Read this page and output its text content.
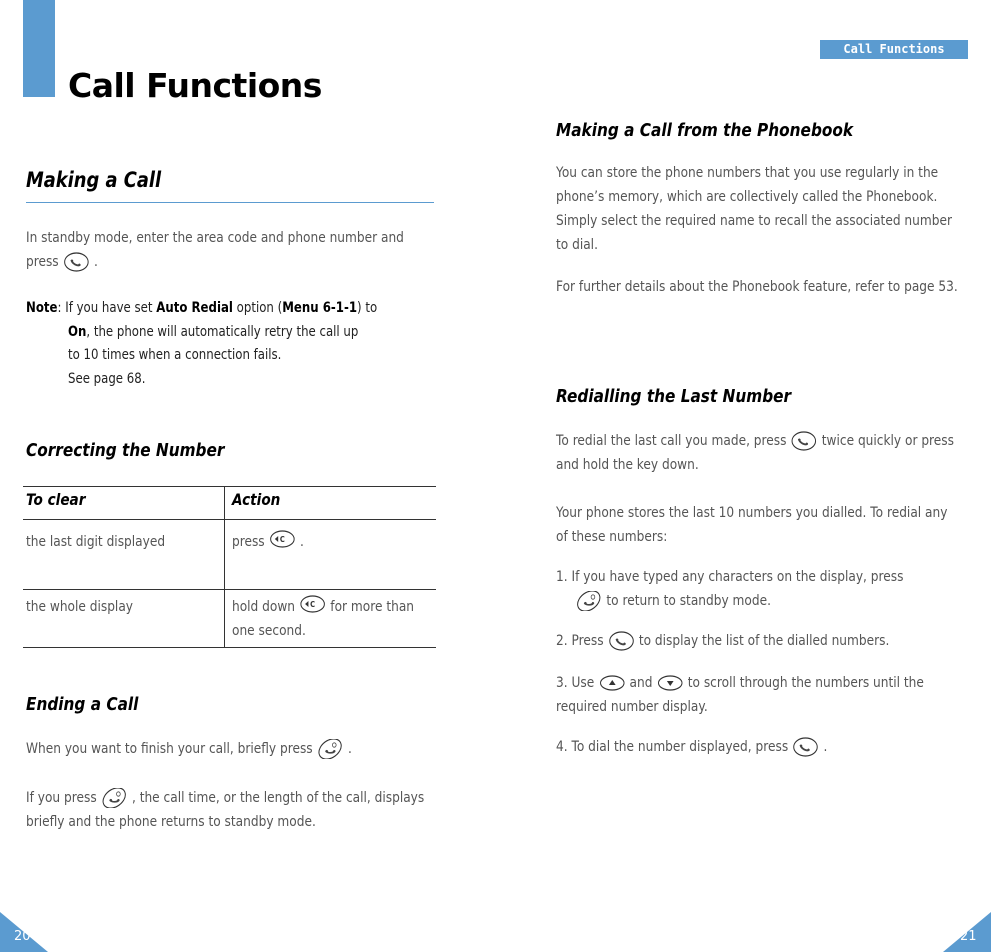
Call Functions
Making a Call
In standby mode, enter the area code and phone number and press .
Note: If you have set Auto Redial option (Menu 6-1-1) to
On, the phone will automatically retry the call up
to 10 times when a connection fails.
See page 68.
Correcting the Number
To clear	Action
the last digit displayed	press .
the whole display	hold down for more than one second.
Ending a Call
When you want to finish your call, briefly press .
If you press , the call time, or the length of the call, displays briefly and the phone returns to standby mode.
20
Call Functions
Making a Call from the Phonebook
You can store the phone numbers that you use regularly in the phone’s memory, which are collectively called the Phonebook. Simply select the required name to recall the associated number to dial.
For further details about the Phonebook feature, refer to page 53.
Redialling the Last Number
To redial the last call you made, press twice quickly or press and hold the key down.
Your phone stores the last 10 numbers you dialled. To redial any of these numbers:
1. If you have typed any characters on the display, press

to return to standby mode.
2. Press to display the list of the dialled numbers.
3. Use and to scroll through the numbers until the required number display.
4. To dial the number displayed, press .
21
